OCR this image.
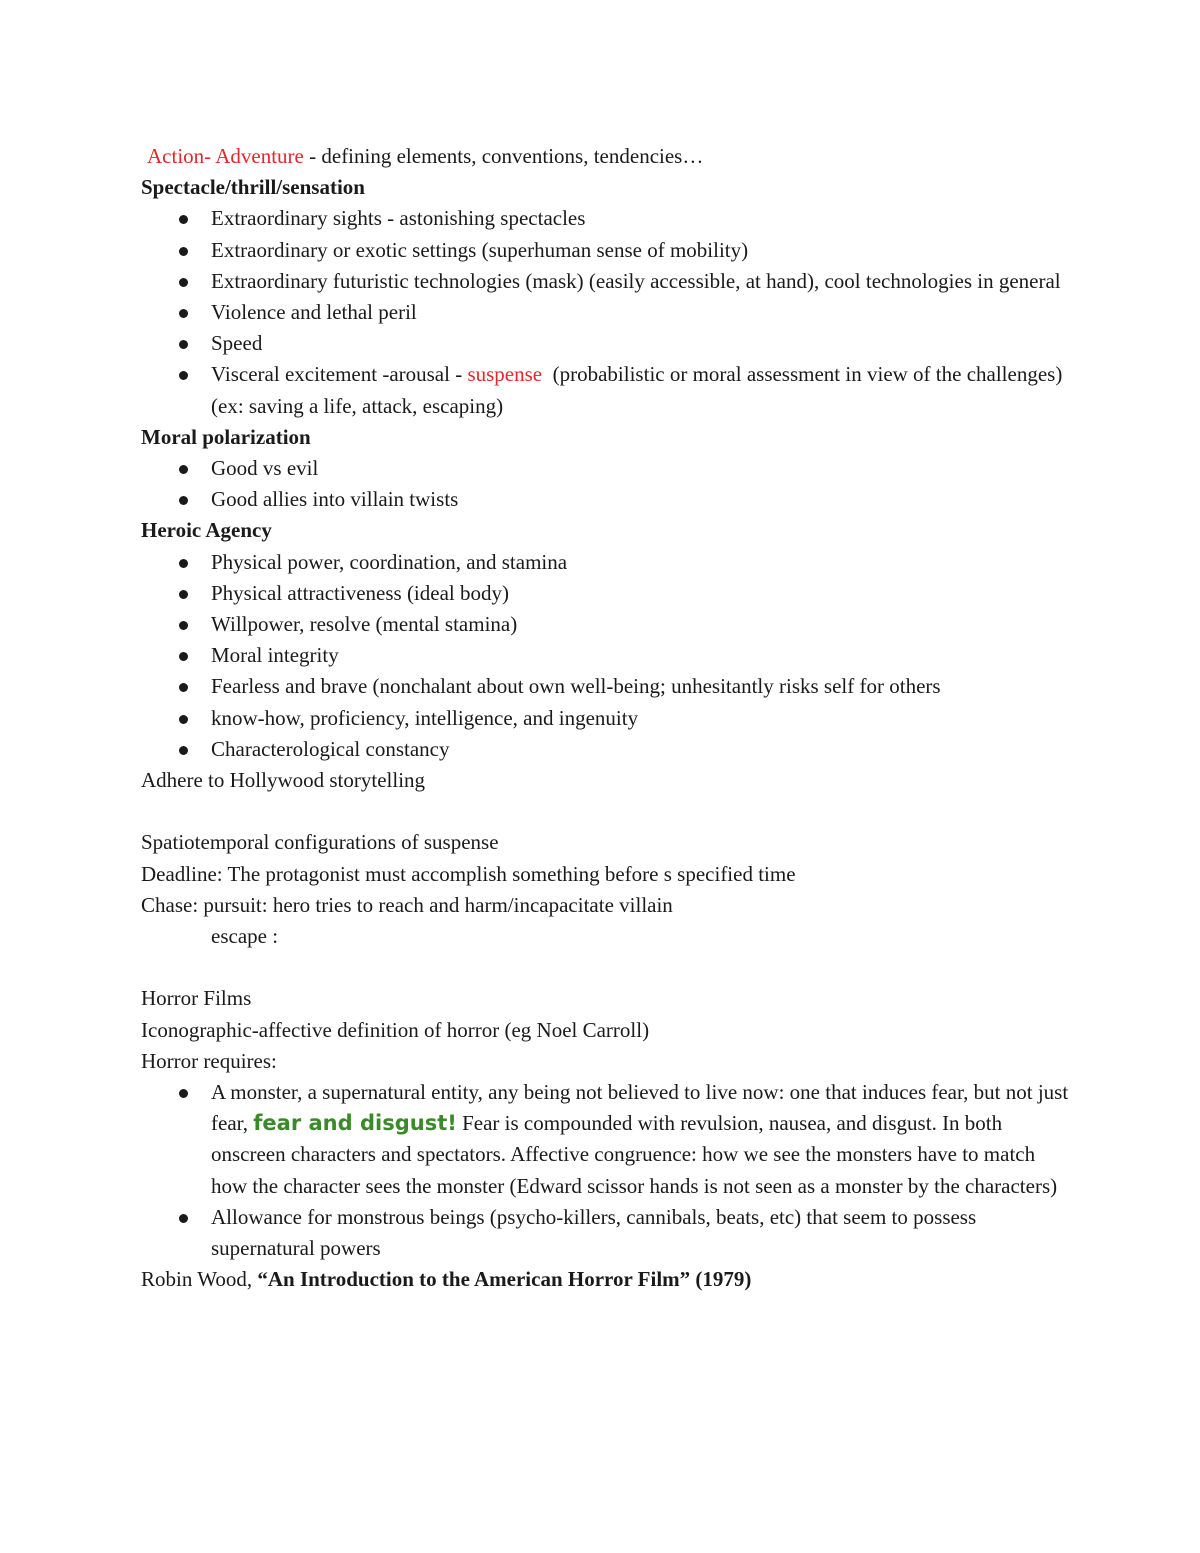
Action- Adventure - defining elements, conventions, tendencies…
Spectacle/thrill/sensation
Extraordinary sights - astonishing spectacles
Extraordinary or exotic settings (superhuman sense of mobility)
Extraordinary futuristic technologies (mask) (easily accessible, at hand), cool technologies in general
Violence and lethal peril
Speed
Visceral excitement -arousal - suspense  (probabilistic or moral assessment in view of the challenges) (ex: saving a life, attack, escaping)
Moral polarization
Good vs evil
Good allies into villain twists
Heroic Agency
Physical power, coordination, and stamina
Physical attractiveness (ideal body)
Willpower, resolve (mental stamina)
Moral integrity
Fearless and brave (nonchalant about own well-being; unhesitantly risks self for others
know-how, proficiency, intelligence, and ingenuity
Characterological constancy
Adhere to Hollywood storytelling
Spatiotemporal configurations of suspense
Deadline: The protagonist must accomplish something before s specified time
Chase: pursuit: hero tries to reach and harm/incapacitate villain
escape :
Horror Films
Iconographic-affective definition of horror (eg Noel Carroll)
Horror requires:
A monster, a supernatural entity, any being not believed to live now: one that induces fear, but not just fear, fear and disgust! Fear is compounded with revulsion, nausea, and disgust. In both onscreen characters and spectators. Affective congruence: how we see the monsters have to match how the character sees the monster (Edward scissor hands is not seen as a monster by the characters)
Allowance for monstrous beings (psycho-killers, cannibals, beats, etc) that seem to possess supernatural powers
Robin Wood, “An Introduction to the American Horror Film” (1979)
